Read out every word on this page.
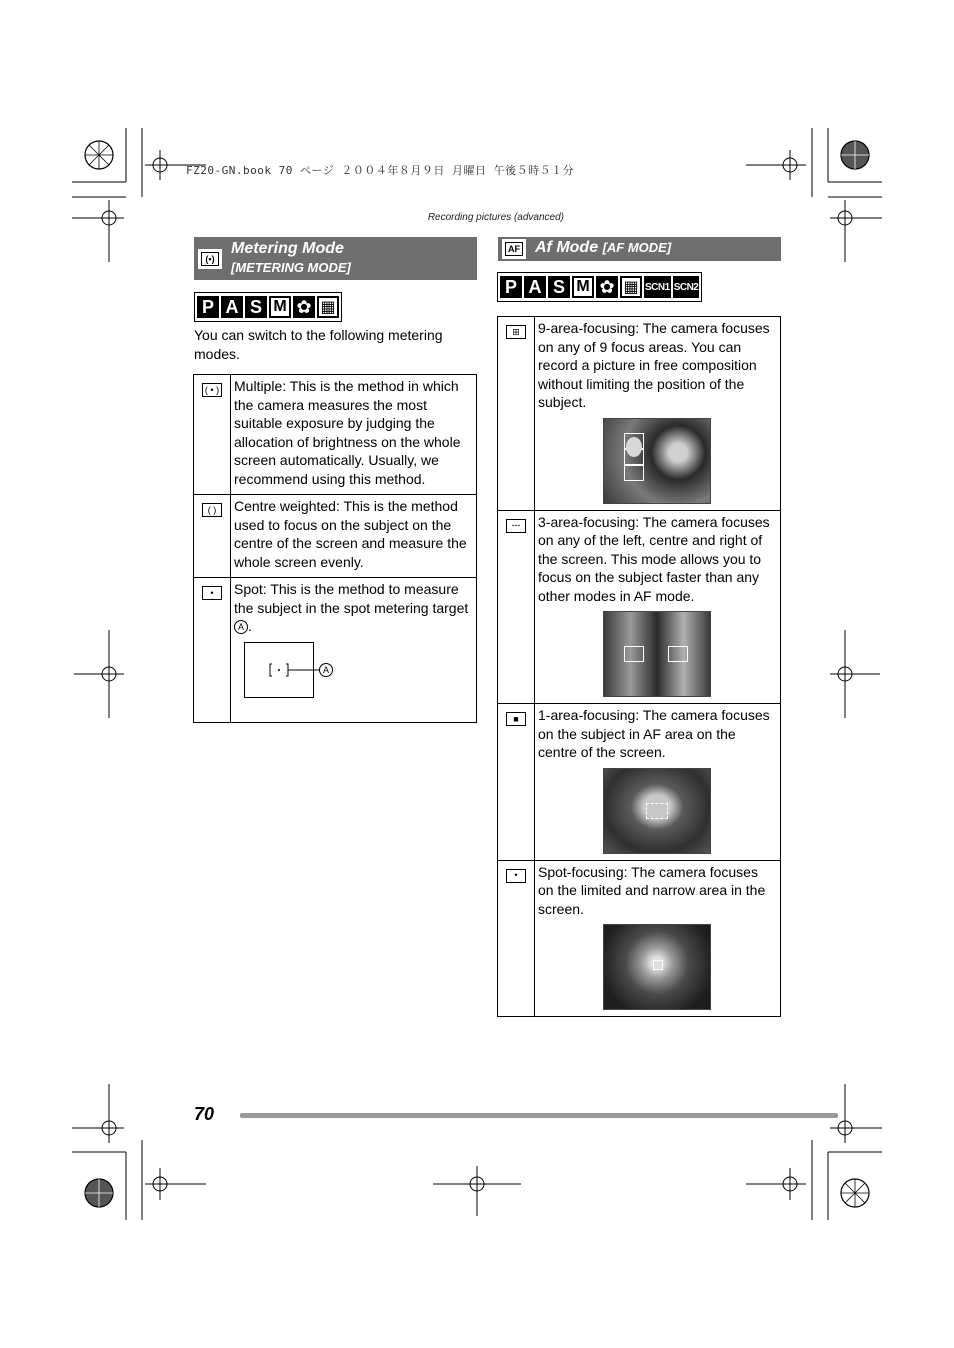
FZ20-GN.book 70 ページ ２００４年８月９日 月曜日 午後５時５１分
Recording pictures (advanced)
(•)
Metering Mode
[METERING MODE]
P A S M ✿ ▦
You can switch to the following metering modes.
( • )	Multiple: This is the method in which the camera measures the most suitable exposure by judging the allocation of brightness on the whole screen automatically. Usually, we recommend using this method.

( )	Centre weighted: This is the method used to focus on the subject on the centre of the screen and measure the whole screen evenly.

•	Spot: This is the method to measure the subject in the spot metering target A .
A
AF Af Mode [AF MODE]
P A S M ✿ ▦ SCN1 SCN2
⊞	9-area-focusing: The camera focuses on any of 9 focus areas. You can record a picture in free composition without limiting the position of the subject.

---	3-area-focusing: The camera focuses on any of the left, centre and right of the screen. This mode allows you to focus on the subject faster than any other modes in AF mode.

■	1-area-focusing: The camera focuses on the subject in AF area on the centre of the screen.

•	Spot-focusing: The camera focuses on the limited and narrow area in the screen.
70
